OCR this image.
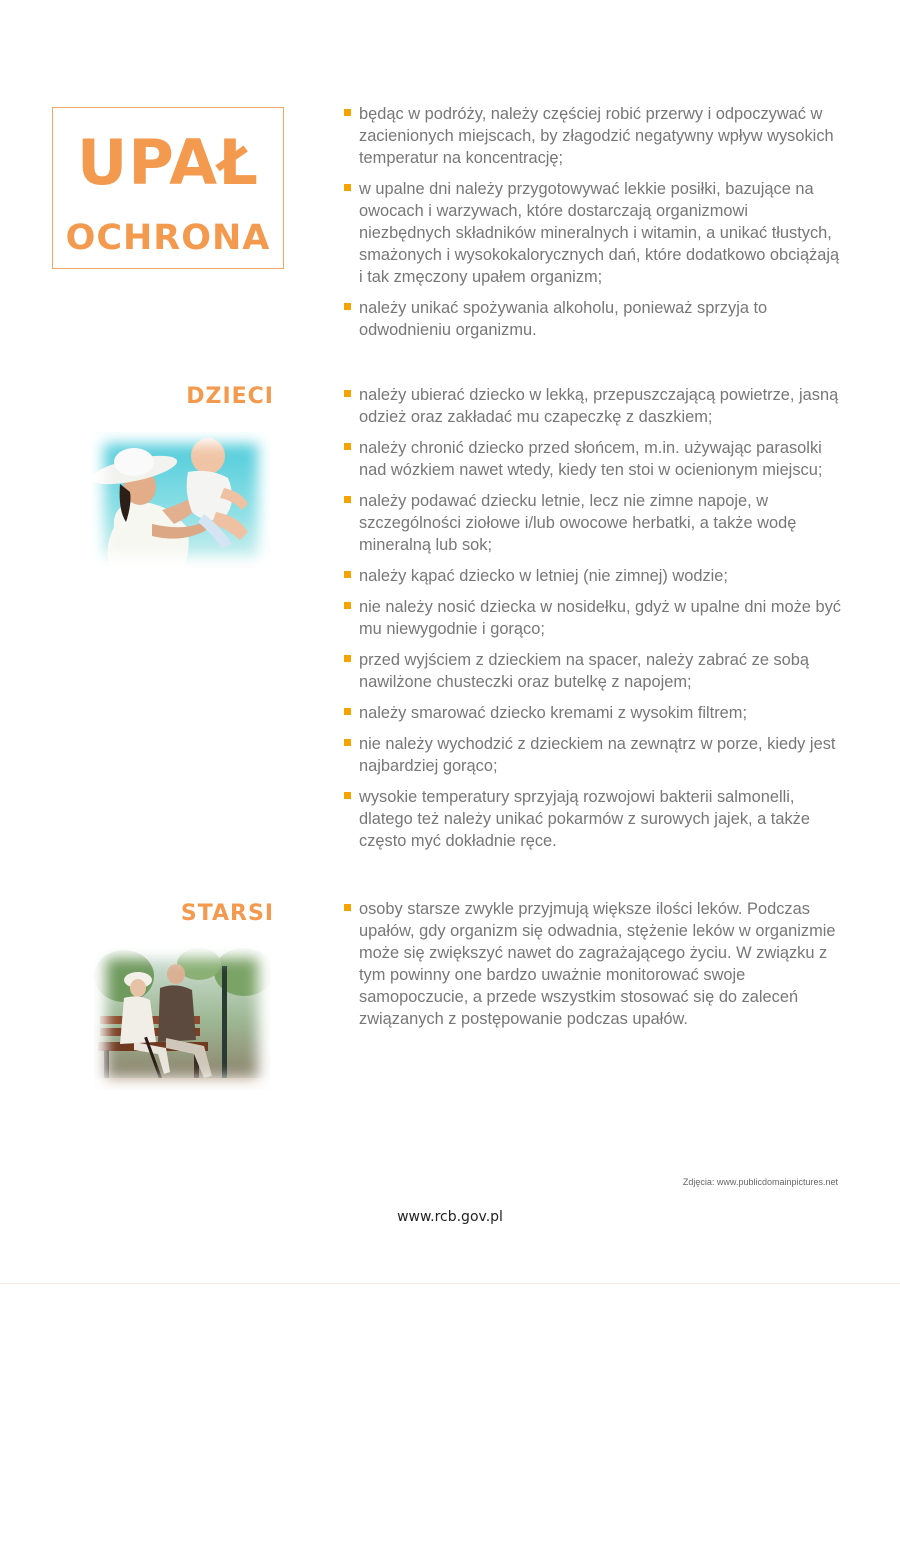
UPAŁ
OCHRONA
będąc w podróży, należy częściej robić przerwy i odpoczywać w zacienionych miejscach, by złagodzić negatywny wpływ wysokich temperatur na koncentrację;
w upalne dni należy przygotowywać lekkie posiłki, bazujące na owocach i warzywach, które dostarczają organizmowi niezbędnych składników mineralnych i witamin, a unikać tłustych, smażonych i wysokokalorycznych dań, które dodatkowo obciążają i tak zmęczony upałem organizm;
należy unikać spożywania alkoholu, ponieważ sprzyja to odwodnieniu organizmu.
DZIECI	należy ubierać dziecko w lekką, przepuszczającą powietrze, jasną odzież oraz zakładać mu czapeczkę z daszkiem;
należy chronić dziecko przed słońcem, m.in. używając parasolki nad wózkiem nawet wtedy, kiedy ten stoi w ocienionym miejscu;
należy podawać dziecku letnie, lecz nie zimne napoje, w szczególności ziołowe i/lub owocowe herbatki, a także wodę mineralną lub sok;
należy kąpać dziecko w letniej (nie zimnej) wodzie;
nie należy nosić dziecka w nosidełku, gdyż w upalne dni może być mu niewygodnie i gorąco;
przed wyjściem z dzieckiem na spacer, należy zabrać ze sobą nawilżone chusteczki oraz butelkę z napojem;
należy smarować dziecko kremami z wysokim filtrem;
nie należy wychodzić z dzieckiem na zewnątrz w porze, kiedy jest najbardziej gorąco;
wysokie temperatury sprzyjają rozwojowi bakterii salmonelli, dlatego też należy unikać pokarmów z surowych jajek, a także często myć dokładnie ręce.
STARSI	osoby starsze zwykle przyjmują większe ilości leków. Podczas upałów, gdy organizm się odwadnia, stężenie leków w organizmie może się zwiększyć nawet do zagrażającego życiu. W związku z tym powinny one bardzo uważnie monitorować swoje samopoczucie, a przede wszystkim stosować się do zaleceń związanych z postępowanie podczas upałów.
Zdjęcia: www.publicdomainpictures.net
www.rcb.gov.pl
